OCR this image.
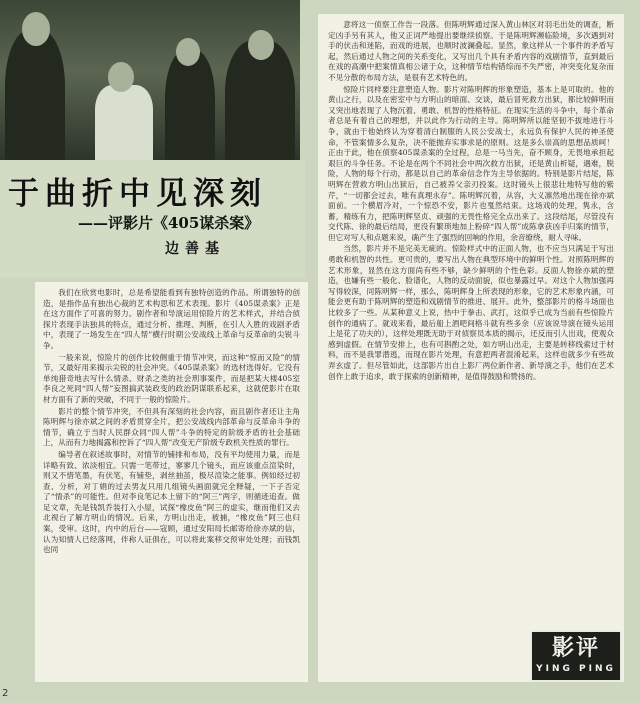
于曲折中见深刻
——评影片《405谋杀案》
边善基

我们在欣赏电影时，总是希望能看到有独特创造的作品。所谓独特的创造，是指作品有独出心裁的艺术构思和艺术表现。影片《405谋杀案》正是在这方面作了可喜的努力。剧作者和导演运用惊险片的艺术样式，并结合侦探片表现手法独具的特点，通过分析、推理、判断，在引人入胜的戏剧矛盾中，表现了一场发生在“四人帮”横行时期公安战线上革命与反革命的尖锐斗争。

一般来说，惊险片的创作比较侧重于情节冲突，而这种“惊而又险”的情节，又最好用来揭示尖锐的社会冲突。《405谋杀案》的选材选得好。它没有单纯猎奇地去写什么情杀、财杀之类的社会刑事案件，而是把某大楼405室李良之死同“四人帮”妄图搞武装政变的政治阴谋联系起来，这就使影片在取材方面有了新的突破，不同于一般的惊险片。

影片的整个情节冲突，不但具有深刻的社会内容，而且剧作者还让主角陈明辉与徐亦斌之间的矛盾贯穿全片，把公安战线内部革命与反革命斗争的情节，确立于当时人民群众同“四人帮”斗争的特定的阶级矛盾的社会基础上，从而有力地揭露和控诉了“四人帮”改变无产阶级专政机关性质的罪行。

编导者在叙述故事时，对情节的铺排和布局，没有平均使用力量，而是详略有致、浓淡相宜。只需一笔带过，寥寥几个镜头，而应该重点渲染时，则又不惜笔墨，有伏笔，有铺垫，剥丝抽茧，极尽渲染之能事。例如经过初查、分析，对丁娟的过去男友只用几组镜头画面就完全释疑，一下子否定了“情杀”的可能性。但对李良笔记本上留下的“阿三”两字，则循迹追查。做足文章，先是钱凯乔装打入小屋，试探“橡皮鱼”阿三的虚实，继而他们又去北视台了解方明山的情况。后来，方明山出走，被捕，“橡皮鱼”阿三也归案，受审。这时，内中的后台——寇顾，通过安阳局长邮寄给徐亦斌的信，认为知情人已经落网，伴称人证俱在，可以将此案移交预审处处理；而钱凯也同

意将这一侦察工作告一段落。但陈明辉通过深入黄山林区对羽毛出处的调查，断定凶手另有其人，他又正词严地提出要继续侦察。于是陈明辉濒临险境，多次遇到对手的伏击和迷陷，而戏的进展，也顺时波澜叠起。显然，象这样从一个事件的矛盾写起，然后通过人物之间的关系变化，又写出几个具有矛盾内容的戏剧情节，直到最后在戏的高潮中把案情真相公诸于众，这种情节结构错综而不失严密，冲突变化复杂而不见分散的布局方法，是很有艺术特色的。

惊险片同样要注意塑造人物。影片对陈明辉的形象塑造，基本上是可取的。他的黄山之行，以及在密室中与方明山的暗面、交谈，最后冒死救方出狱，都比较鲜明而又突出地表现了人物沉着、勇敢、机智的性格特征。在现实生活的斗争中，每个革命者总是有着自己的理想，并以此作为行动的主导。陈明辉所以能坚韧不拔地进行斗争，就由于他始终认为穿着清白制服的人民公安战士，永远负有保护人民的神圣使命，不管案情多么复杂，决不能抛弃实事求是的原则。这是多么崇高的思想品质呵！正由于此，他在侦察405谋杀案的全过程，总是一马当先，奋不顾身，无畏地承担起艰巨的斗争任务。不论是在两个不同社会中两次救方出狱，还是黄山析疑，遇难，脱险，人物的每个行动，都是以自己的革命信念作为主导依据的。特别是影片结尾，陈明辉在营救方明山出狱后，自己被养父亲刃投案。这时镜头上很悲壮地特写他的紫芹，“一切都会过去，唯有真理永存”。陈明辉沉着，从容，大义凛然地出现在徐亦斌面前。一个横眉冷对，一个惊恐不安，影片也戛然结束。这场戏的处理，隽永，含蓄，精练有力，把陈明辉坚贞、顽强的无畏性格完全点出来了。这段结尾，尽管没有交代陈、徐的最后结局，更没有繁琐地加上粉碎“四人帮”成陈拿获凶手归案的情节，但它对写人和点题来说，确产生了强烈的回响的作用，余音缭绕，耐人寻味。

当然，影片并不是完美无疵的。惊险样式中的正面人物，也不应当只满足于写出勇敢和机智的共性。更可贵的，要写出人物在典型环境中的鲜明个性。对照陈明辉的艺术形象，显然在这方面尚有些不够，缺少鲜明的个性色彩。反面人物徐亦斌的塑造，也嫌有些一般化、脸谱化，人物的反动面貌，似也暴露过早。对这个人物加强再写得较深，同陈明辉一样，那么，陈明辉身上所表现的形象，它的艺术形象内涵，可能会更有助于陈明辉的塑造和戏剧情节的推进、展开。此外，整部影片的格斗场面也比较多了一些。从某种意义上说，热中于拳击、武打，这似乎已成为当前有些惊险片创作的通病了。就戏来看，最后船上酒吧间格斗就有些多余（应该说导演在镜头运用上是花了功夫的），这样处理既无助于对侦察员本质的揭示，还反而引人出戏，使观众感到虚假。在情节安排上，也有可斟酌之处，如方明山出走，主要是转移线索过于材料，而不是我罪潜逃，而现在影片处理，有意把两者混淆起来，这样也就多少有些故弄玄虚了。但尽管如此，这部影片出自上影厂两位新作者、新导演之手，他们在艺术创作上敢于追求，敢于探索的创新精神，是值得鼓励和赞扬的。

影评
YING PING
2
